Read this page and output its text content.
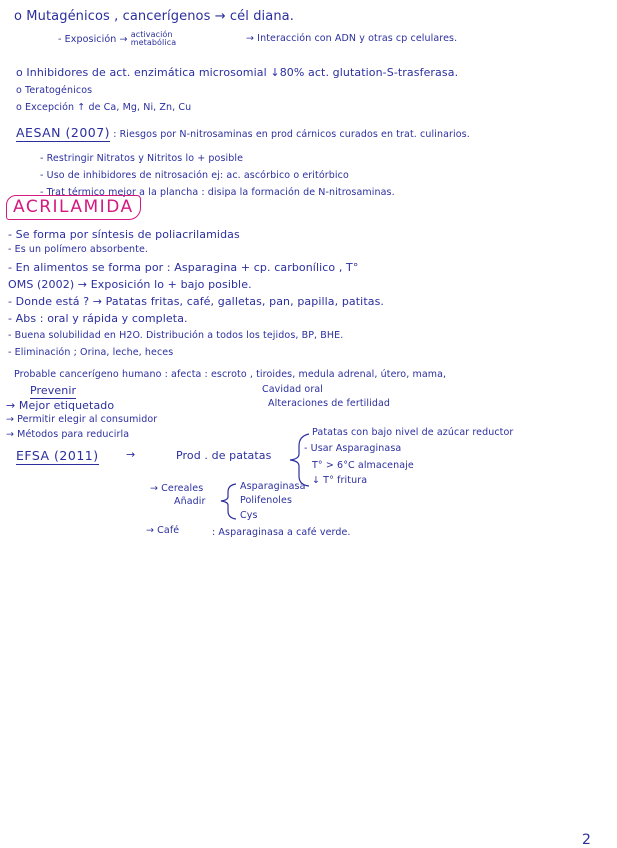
o Mutagénicos , cancerígenos → cél diana.
- Exposición → activación
metabólica	→ Interacción con ADN y otras cp celulares.
o Inhibidores de act. enzimática microsomial ↓80% act. glutation-S-trasferasa.
o Teratogénicos
o Excepción ↑ de Ca, Mg, Ni, Zn, Cu
AESAN (2007) : Riesgos por N-nitrosaminas en prod cárnicos curados en trat. culinarios.
- Restringir Nitratos y Nitritos lo + posible
- Uso de inhibidores de nitrosación ej: ac. ascórbico o eritórbico
- Trat térmico mejor a la plancha : disipa la formación de N-nitrosaminas.
ACRILAMIDA
- Se forma por síntesis de poliacrilamidas
- Es un polímero absorbente.
- En alimentos se forma por : Asparagina + cp. carbonílico , T°
OMS (2002) → Exposición lo + bajo posible.
- Donde está ? → Patatas fritas, café, galletas, pan, papilla, patitas.
- Abs : oral y rápida y completa.
- Buena solubilidad en H2O. Distribución a todos los tejidos, BP, BHE.
- Eliminación ; Orina, leche, heces
Probable cancerígeno humano : afecta : escroto , tiroides, medula adrenal, útero, mama,
Cavidad oral
Alteraciones de fertilidad
Prevenir
→ Mejor etiquetado
→ Permitir elegir al consumidor
→ Métodos para reducirla
EFSA (2011) →	Prod . de patatas
Patatas con bajo nivel de azúcar reductor
- Usar Asparaginasa
T° > 6°C almacenaje
↓ T° fritura
→ Cereales
Añadir
Asparaginasa
Polifenoles
Cys
→ Café	: Asparaginasa a café verde.
2
